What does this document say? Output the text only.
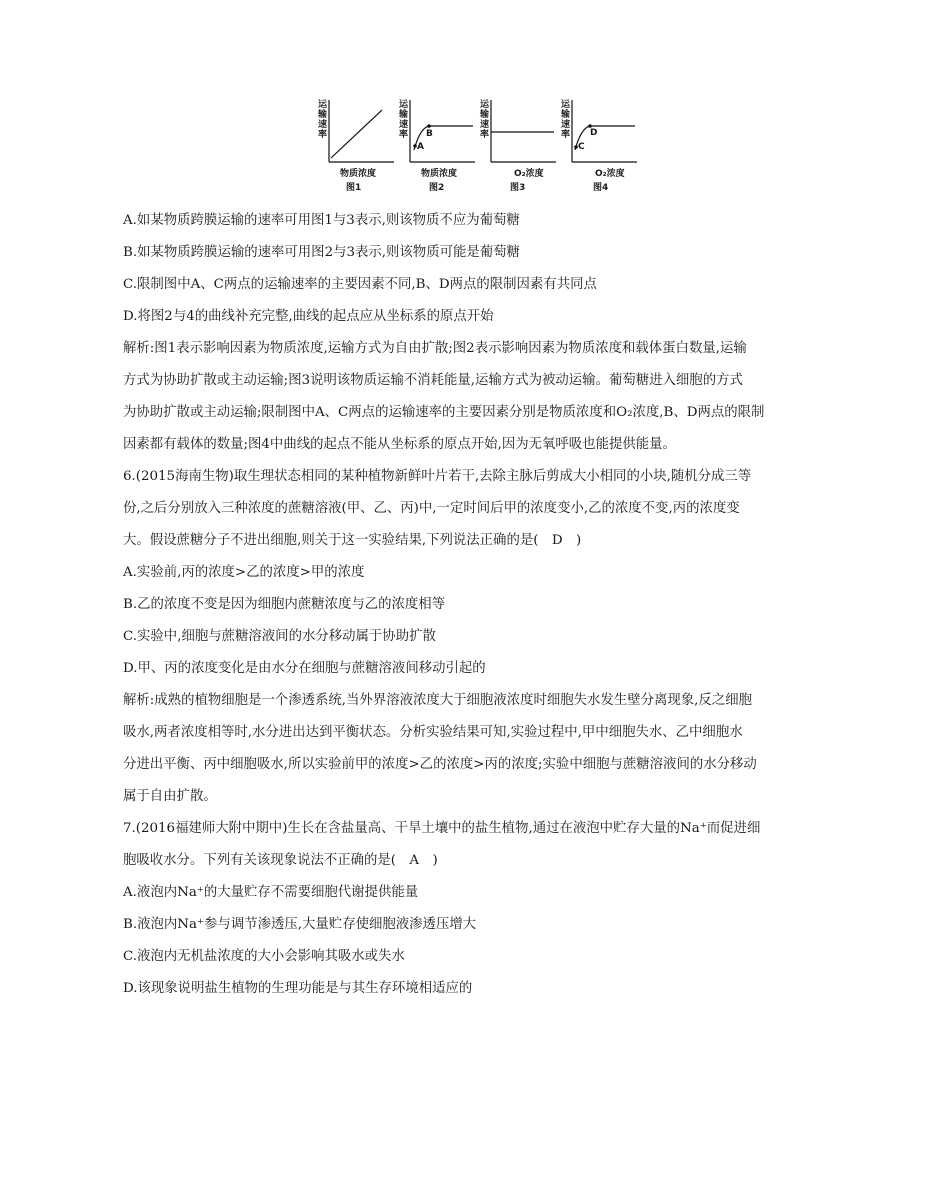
运输速率
物质浓度
图1
运输速率
A
B
物质浓度
图2
运输速率
O₂浓度
图3
运输速率
C
D
O₂浓度
图4
A.如某物质跨膜运输的速率可用图1与3表示,则该物质不应为葡萄糖
B.如某物质跨膜运输的速率可用图2与3表示,则该物质可能是葡萄糖
C.限制图中A、C两点的运输速率的主要因素不同,B、D两点的限制因素有共同点
D.将图2与4的曲线补充完整,曲线的起点应从坐标系的原点开始
解析:图1表示影响因素为物质浓度,运输方式为自由扩散;图2表示影响因素为物质浓度和载体蛋白数量,运输
方式为协助扩散或主动运输;图3说明该物质运输不消耗能量,运输方式为被动运输。葡萄糖进入细胞的方式
为协助扩散或主动运输;限制图中A、C两点的运输速率的主要因素分别是物质浓度和O₂浓度,B、D两点的限制
因素都有载体的数量;图4中曲线的起点不能从坐标系的原点开始,因为无氧呼吸也能提供能量。
6.(2015海南生物)取生理状态相同的某种植物新鲜叶片若干,去除主脉后剪成大小相同的小块,随机分成三等
份,之后分别放入三种浓度的蔗糖溶液(甲、乙、丙)中,一定时间后甲的浓度变小,乙的浓度不变,丙的浓度变
大。假设蔗糖分子不进出细胞,则关于这一实验结果,下列说法正确的是(　D　)
A.实验前,丙的浓度>乙的浓度>甲的浓度
B.乙的浓度不变是因为细胞内蔗糖浓度与乙的浓度相等
C.实验中,细胞与蔗糖溶液间的水分移动属于协助扩散
D.甲、丙的浓度变化是由水分在细胞与蔗糖溶液间移动引起的
解析:成熟的植物细胞是一个渗透系统,当外界溶液浓度大于细胞液浓度时细胞失水发生壁分离现象,反之细胞
吸水,两者浓度相等时,水分进出达到平衡状态。分析实验结果可知,实验过程中,甲中细胞失水、乙中细胞水
分进出平衡、丙中细胞吸水,所以实验前甲的浓度>乙的浓度>丙的浓度;实验中细胞与蔗糖溶液间的水分移动
属于自由扩散。
7.(2016福建师大附中期中)生长在含盐量高、干旱土壤中的盐生植物,通过在液泡中贮存大量的Na⁺而促进细
胞吸收水分。下列有关该现象说法不正确的是(　A　)
A.液泡内Na⁺的大量贮存不需要细胞代谢提供能量
B.液泡内Na⁺参与调节渗透压,大量贮存使细胞液渗透压增大
C.液泡内无机盐浓度的大小会影响其吸水或失水
D.该现象说明盐生植物的生理功能是与其生存环境相适应的
